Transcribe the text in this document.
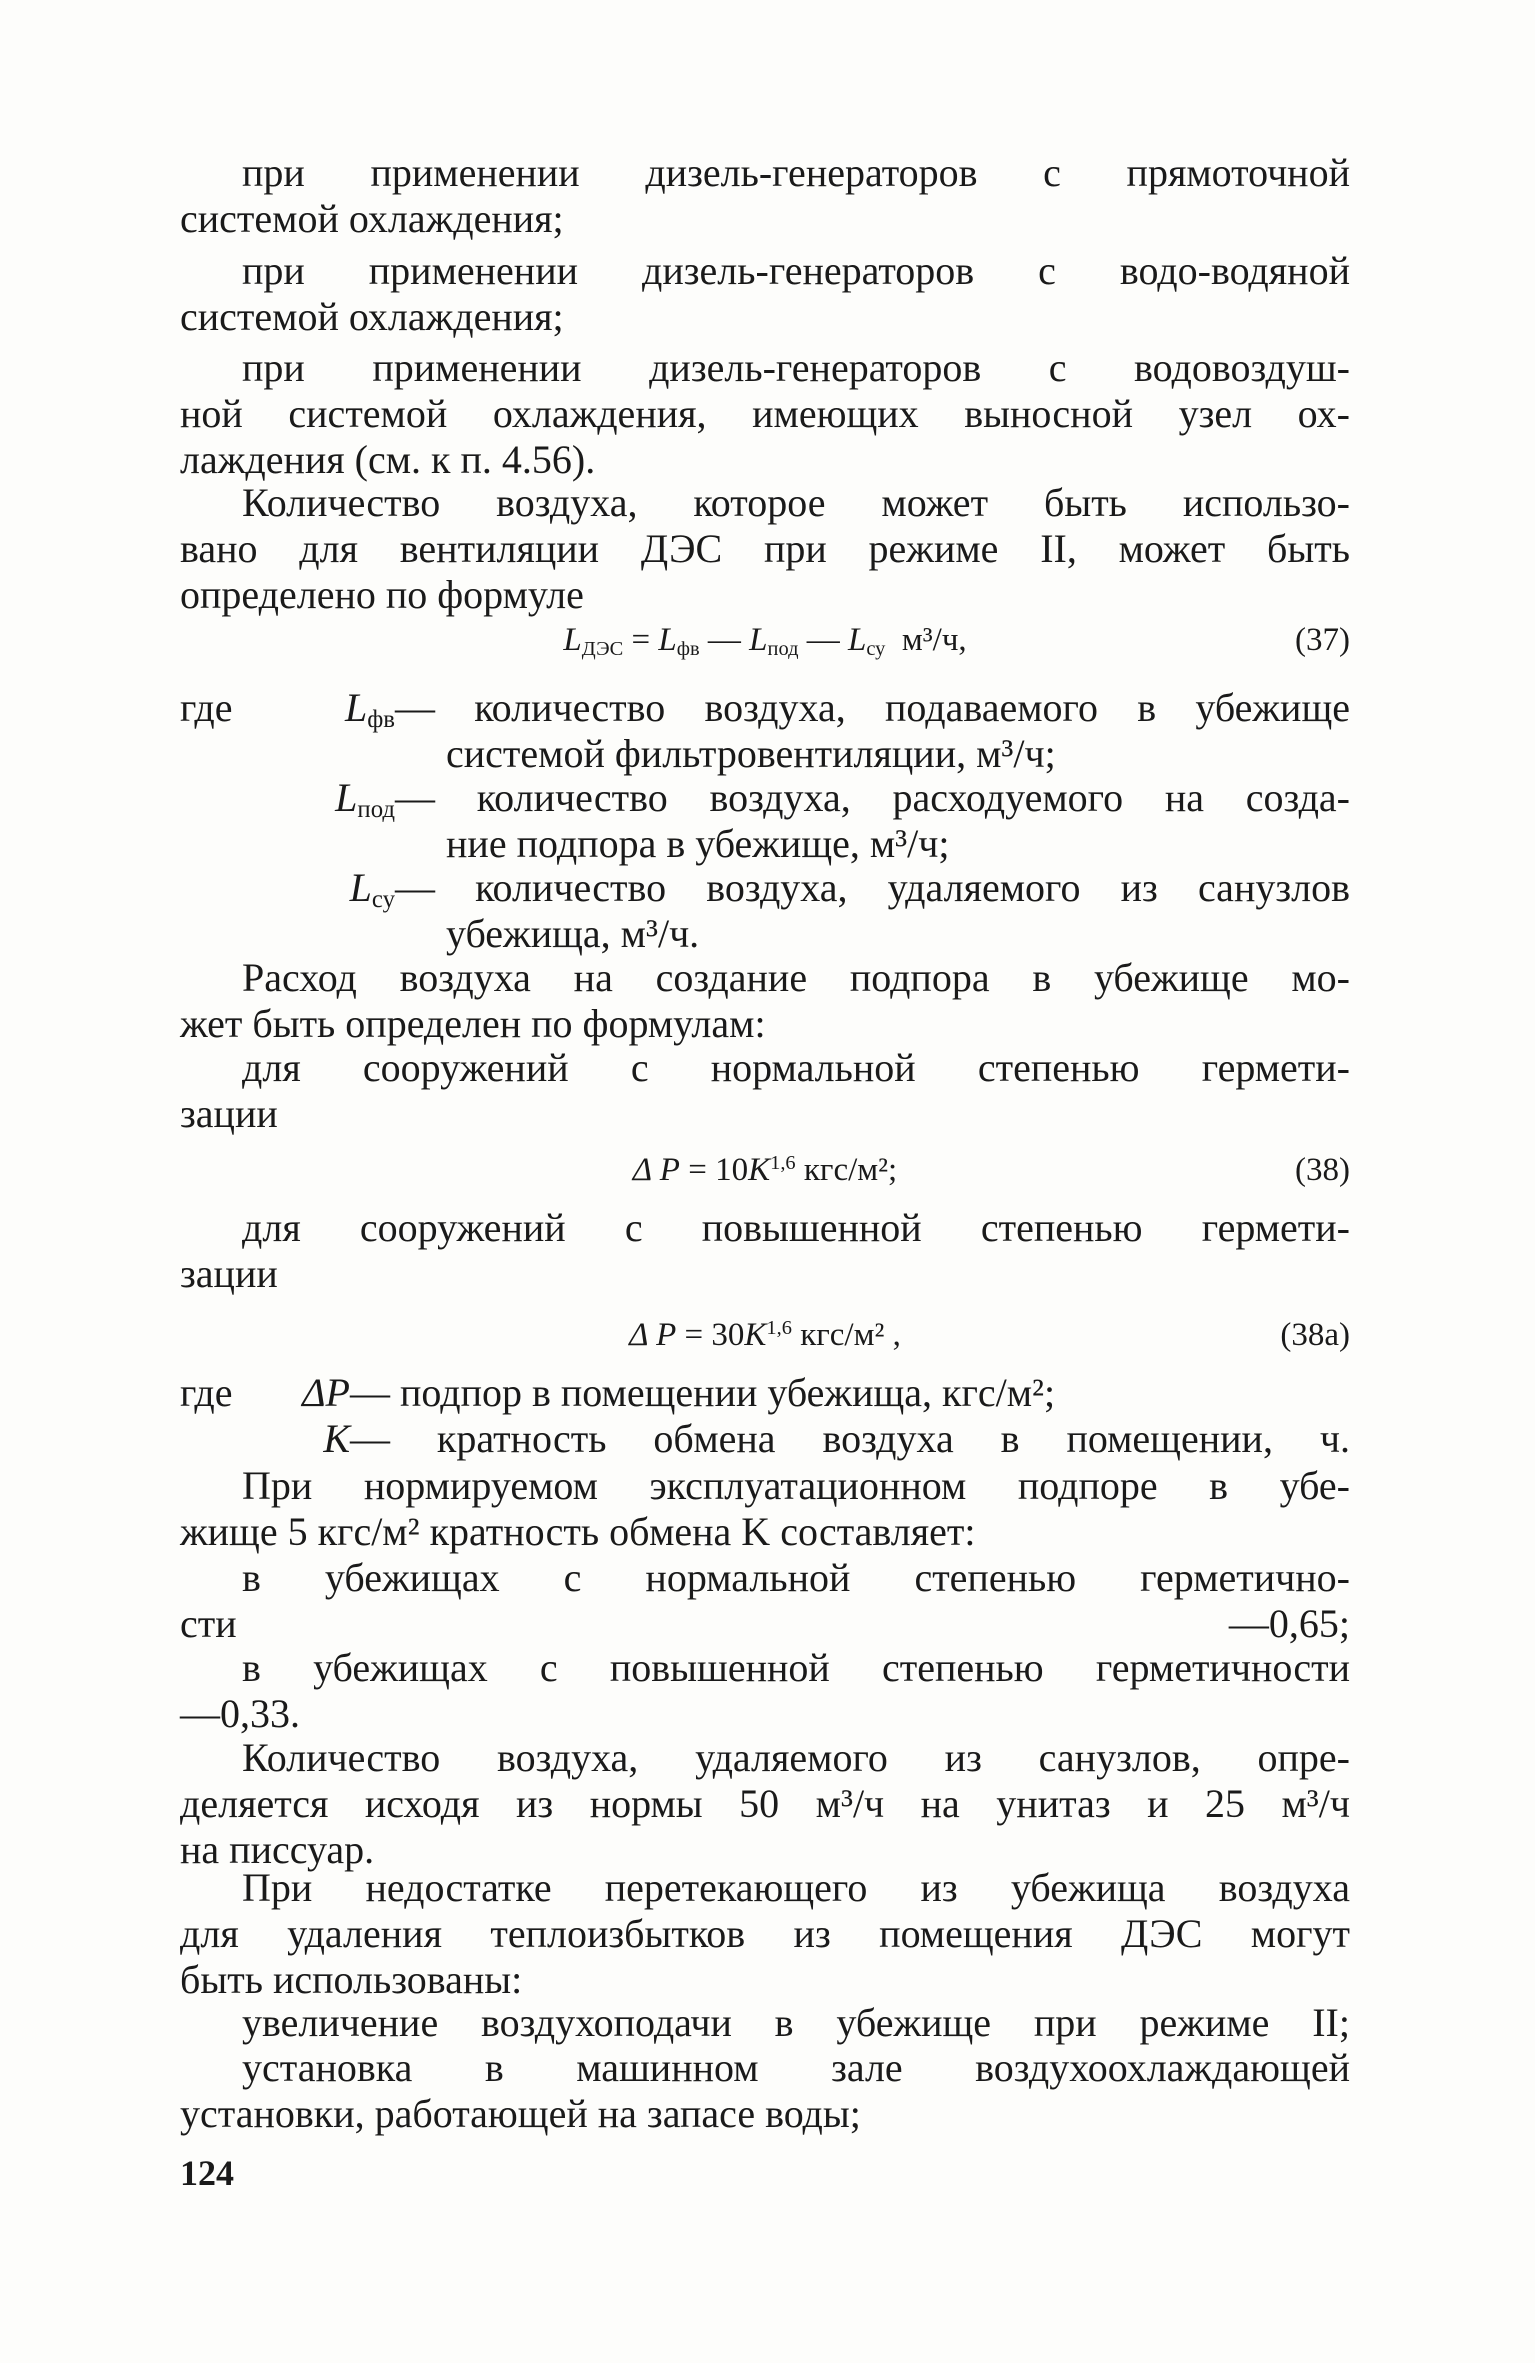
при применении дизель-генераторов с прямоточной
системой охлаждения;
при применении дизель-генераторов с водо-водяной
системой охлаждения;
при применении дизель-генераторов с водовоздуш-
ной системой охлаждения, имеющих выносной узел ох-
лаждения (см. к п. 4.56).
Количество воздуха, которое может быть использо-
вано для вентиляции ДЭС при режиме II, может быть
определено по формуле
$L_{ДЭС} = L_{фв}$ — $L_{под}$ — $L_{су}$ м³/ч,	(37)
где	$L_{фв}$ — количество воздуха, подаваемого в убежище
системой фильтровентиляции, м³/ч;
$L_{под}$ — количество воздуха, расходуемого на созда-
ние подпора в убежище, м³/ч;
$L_{су}$ — количество воздуха, удаляемого из санузлов
убежища, м³/ч.
Расход воздуха на создание подпора в убежище мо-
жет быть определен по формулам:
для сооружений с нормальной степенью гермети-
зации
Δ $P = 10K^{1,6}$ кгс/м²;	(38)
для сооружений с повышенной степенью гермети-
зации
Δ $P = 30K^{1,6}$ кгс/м² ,	(38а)
где ΔP — подпор в помещении убежища, кгс/м²;
K — кратность обмена воздуха в помещении, ч.
При нормируемом эксплуатационном подпоре в убе-
жище 5 кгс/м² кратность обмена K составляет:
в убежищах с нормальной степенью герметично-
сти	—0,65;
в убежищах с повышенной степенью герметичности
—0,33.
Количество воздуха, удаляемого из санузлов, опре-
деляется исходя из нормы 50 м³/ч на унитаз и 25 м³/ч
на писсуар.
При недостатке перетекающего из убежища воздуха
для удаления теплоизбытков из помещения ДЭС могут
быть использованы:
увеличение воздухоподачи в убежище при режиме II;
установка в машинном зале воздухоохлаждающей
установки, работающей на запасе воды;
124
